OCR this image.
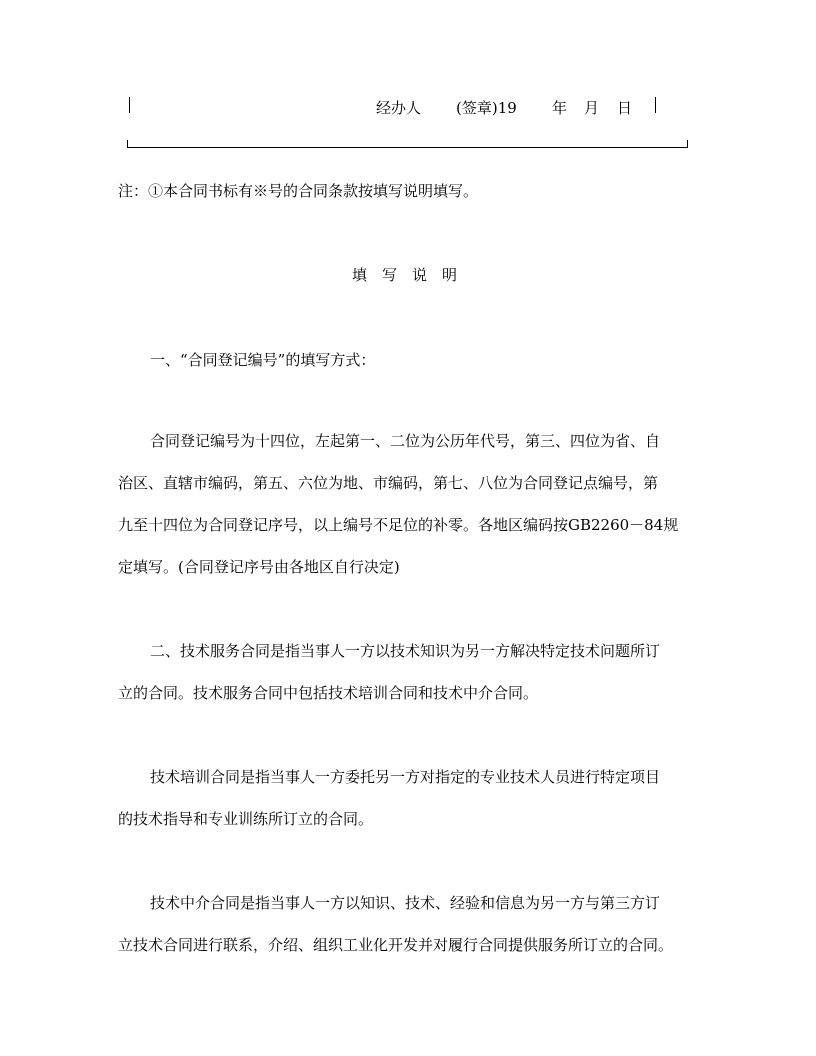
经办人 (签章)19 年 月 日
注：①本合同书标有※号的合同条款按填写说明填写。
填　写　说　明
一、“合同登记编号”的填写方式：
合同登记编号为十四位，左起第一、二位为公历年代号，第三、四位为省、自
治区、直辖市编码，第五、六位为地、市编码，第七、八位为合同登记点编号，第
九至十四位为合同登记序号，以上编号不足位的补零。各地区编码按GB2260－84规
定填写。(合同登记序号由各地区自行决定)
二、技术服务合同是指当事人一方以技术知识为另一方解决特定技术问题所订
立的合同。技术服务合同中包括技术培训合同和技术中介合同。
技术培训合同是指当事人一方委托另一方对指定的专业技术人员进行特定项目
的技术指导和专业训练所订立的合同。
技术中介合同是指当事人一方以知识、技术、经验和信息为另一方与第三方订
立技术合同进行联系，介绍、组织工业化开发并对履行合同提供服务所订立的合同。
